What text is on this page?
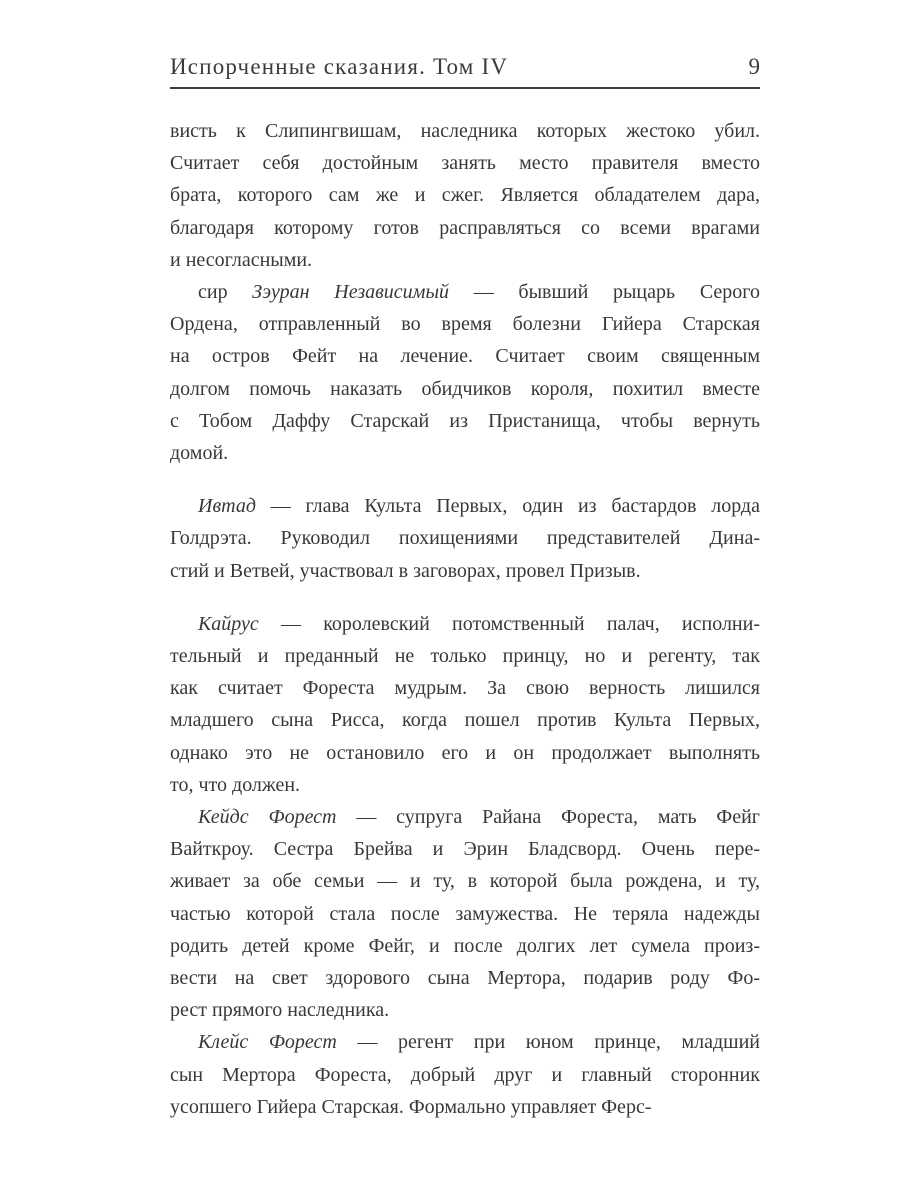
Испорченные сказания. Том IV	9
висть к Слипингвишам, наследника которых жестоко убил.
Считает себя достойным занять место правителя вместо
брата, которого сам же и сжег. Является обладателем дара,
благодаря которому готов расправляться со всеми врагами
и несогласными.
сир Зэуран Независимый — бывший рыцарь Серого
Ордена, отправленный во время болезни Гийера Старская
на остров Фейт на лечение. Считает своим священным
долгом помочь наказать обидчиков короля, похитил вместе
с Тобом Даффу Старскай из Пристанища, чтобы вернуть
домой.
Ивтад — глава Культа Первых, один из бастардов лорда
Голдрэта. Руководил похищениями представителей Дина-
стий и Ветвей, участвовал в заговорах, провел Призыв.
Кайрус — королевский потомственный палач, исполни-
тельный и преданный не только принцу, но и регенту, так
как считает Фореста мудрым. За свою верность лишился
младшего сына Рисса, когда пошел против Культа Первых,
однако это не остановило его и он продолжает выполнять
то, что должен.
Кейдс Форест — супруга Райана Фореста, мать Фейг
Вайткроу. Сестра Брейва и Эрин Бладсворд. Очень пере-
живает за обе семьи — и ту, в которой была рождена, и ту,
частью которой стала после замужества. Не теряла надежды
родить детей кроме Фейг, и после долгих лет сумела произ-
вести на свет здорового сына Мертора, подарив роду Фо-
рест прямого наследника.
Клейс Форест — регент при юном принце, младший
сын Мертора Фореста, добрый друг и главный сторонник
усопшего Гийера Старская. Формально управляет Ферс-
